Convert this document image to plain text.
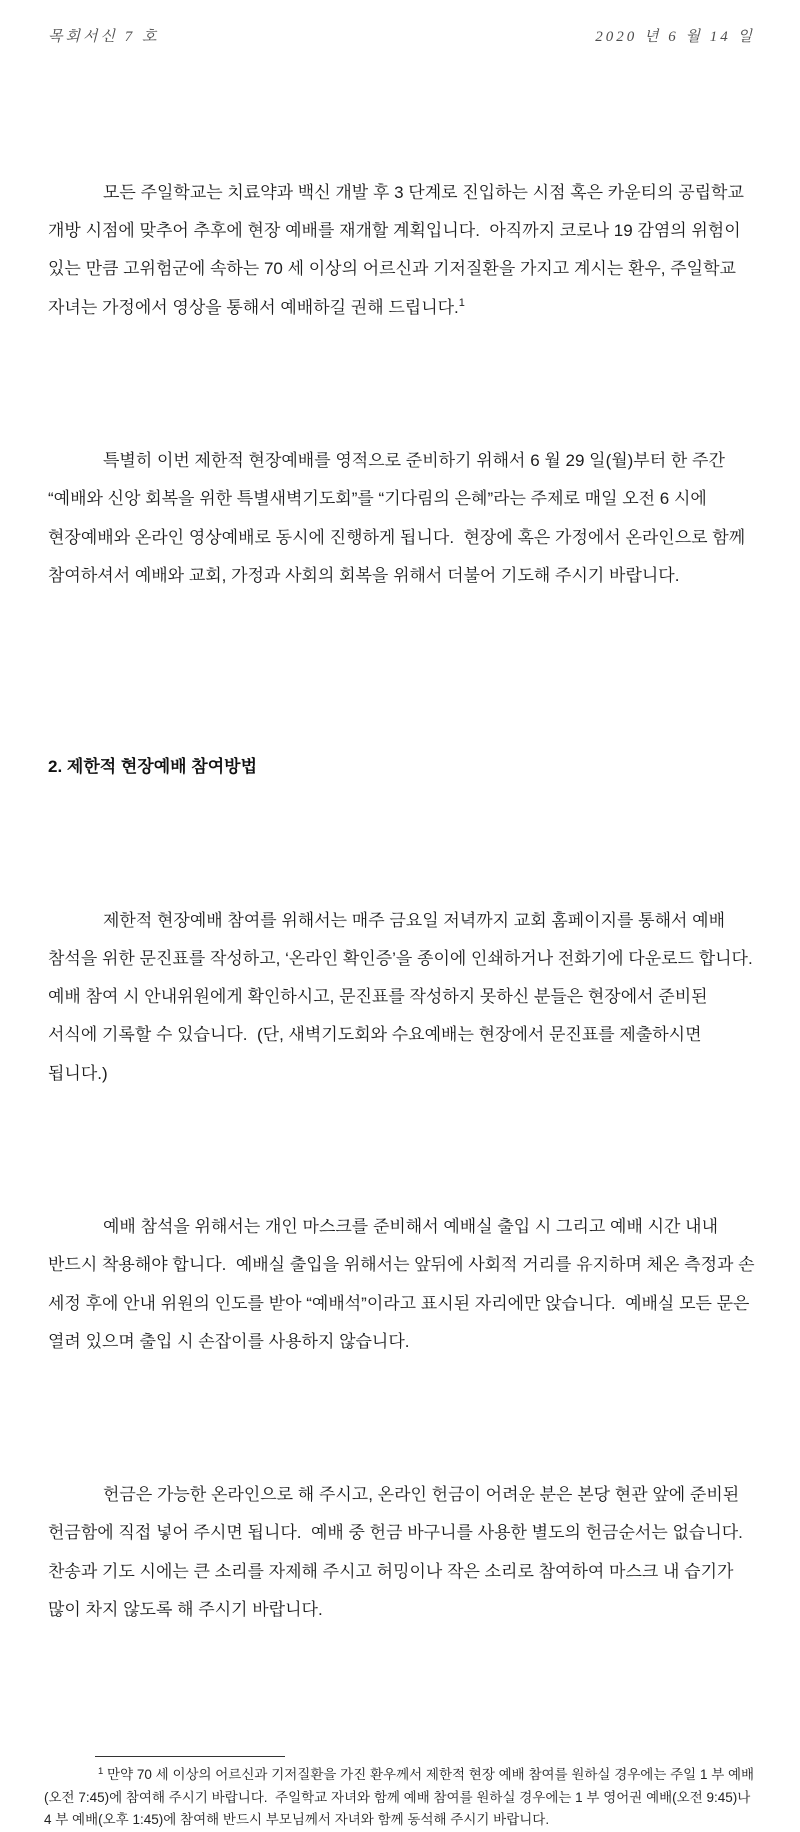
목회서신 7 호	2020 년 6 월 14 일

모든 주일학교는 치료약과 백신 개발 후 3 단계로 진입하는 시점 혹은 카운티의 공립학교 개방 시점에 맞추어 추후에 현장 예배를 재개할 계획입니다.  아직까지 코로나 19 감염의 위험이 있는 만큼 고위험군에 속하는 70 세 이상의 어르신과 기저질환을 가지고 계시는 환우, 주일학교 자녀는 가정에서 영상을 통해서 예배하길 권해 드립니다.$^1$

특별히 이번 제한적 현장예배를 영적으로 준비하기 위해서 6 월 29 일(월)부터 한 주간 “예배와 신앙 회복을 위한 특별새벽기도회”를 “기다림의 은혜”라는 주제로 매일 오전 6 시에 현장예배와 온라인 영상예배로 동시에 진행하게 됩니다.  현장에 혹은 가정에서 온라인으로 함께 참여하셔서 예배와 교회, 가정과 사회의 회복을 위해서 더불어 기도해 주시기 바랍니다.

2. 제한적 현장예배 참여방법

제한적 현장예배 참여를 위해서는 매주 금요일 저녁까지 교회 홈페이지를 통해서 예배 참석을 위한 문진표를 작성하고, ‘온라인 확인증’을 종이에 인쇄하거나 전화기에 다운로드 합니다.  예배 참여 시 안내위원에게 확인하시고, 문진표를 작성하지 못하신 분들은 현장에서 준비된 서식에 기록할 수 있습니다.  (단, 새벽기도회와 수요예배는 현장에서 문진표를 제출하시면 됩니다.)

예배 참석을 위해서는 개인 마스크를 준비해서 예배실 출입 시 그리고 예배 시간 내내 반드시 착용해야 합니다.  예배실 출입을 위해서는 앞뒤에 사회적 거리를 유지하며 체온 측정과 손 세정 후에 안내 위원의 인도를 받아 “예배석”이라고 표시된 자리에만 앉습니다.  예배실 모든 문은 열려 있으며 출입 시 손잡이를 사용하지 않습니다.

헌금은 가능한 온라인으로 해 주시고, 온라인 헌금이 어려운 분은 본당 현관 앞에 준비된 헌금함에 직접 넣어 주시면 됩니다.  예배 중 헌금 바구니를 사용한 별도의 헌금순서는 없습니다.  찬송과 기도 시에는 큰 소리를 자제해 주시고 허밍이나 작은 소리로 참여하여 마스크 내 습기가 많이 차지 않도록 해 주시기 바랍니다.

$^1$ 만약 70 세 이상의 어르신과 기저질환을 가진 환우께서 제한적 현장 예배 참여를 원하실 경우에는 주일 1 부 예배(오전 7:45)에 참여해 주시기 바랍니다.  주일학교 자녀와 함께 예배 참여를 원하실 경우에는 1 부 영어권 예배(오전 9:45)나 4 부 예배(오후 1:45)에 참여해 반드시 부모님께서 자녀와 함께 동석해 주시기 바랍니다.
